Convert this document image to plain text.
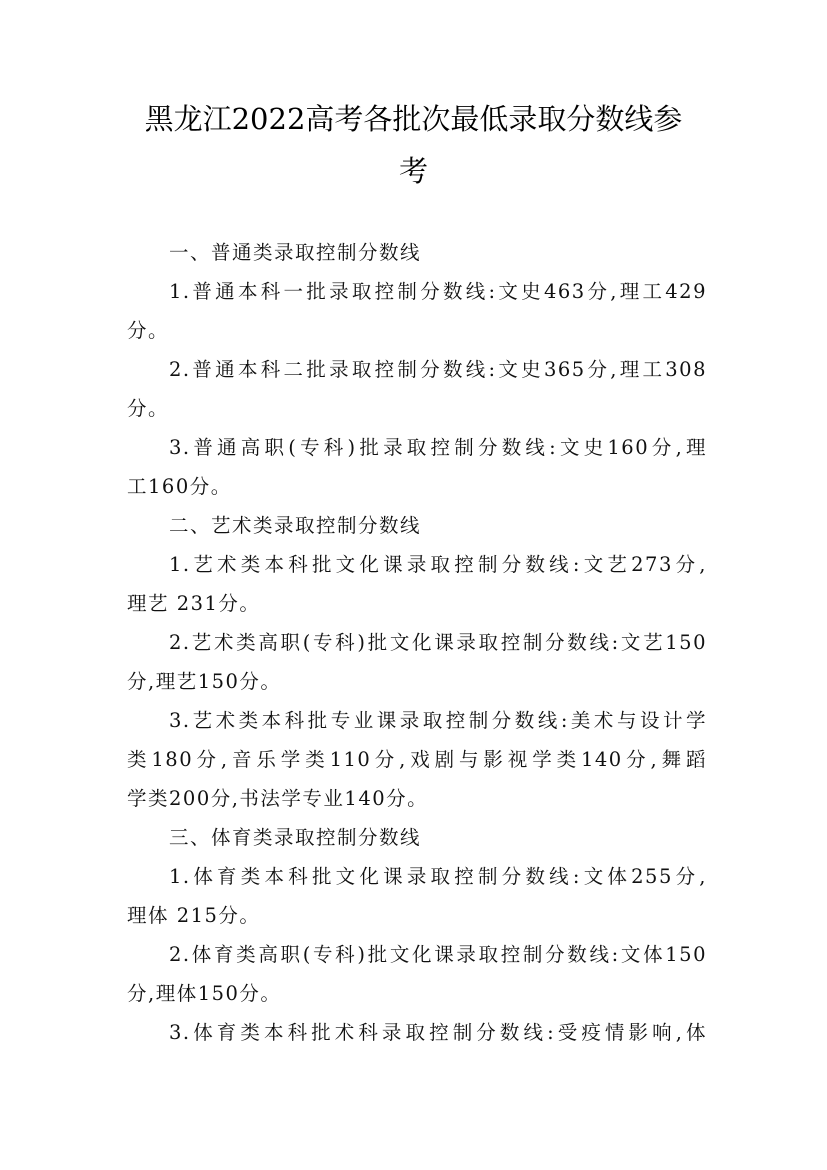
黑龙江2022高考各批次最低录取分数线参
考
一、普通类录取控制分数线
1.普通本科一批录取控制分数线:文史463分,理工429
分。
2.普通本科二批录取控制分数线:文史365分,理工308
分。
3.普通高职(专科)批录取控制分数线:文史160分,理
工160分。
二、艺术类录取控制分数线
1.艺术类本科批文化课录取控制分数线:文艺273分,
理艺 231分。
2.艺术类高职(专科)批文化课录取控制分数线:文艺150
分,理艺150分。
3.艺术类本科批专业课录取控制分数线:美术与设计学
类180分,音乐学类110分,戏剧与影视学类140分,舞蹈
学类200分,书法学专业140分。
三、体育类录取控制分数线
1.体育类本科批文化课录取控制分数线:文体255分,
理体 215分。
2.体育类高职(专科)批文化课录取控制分数线:文体150
分,理体150分。
3.体育类本科批术科录取控制分数线:受疫情影响,体
